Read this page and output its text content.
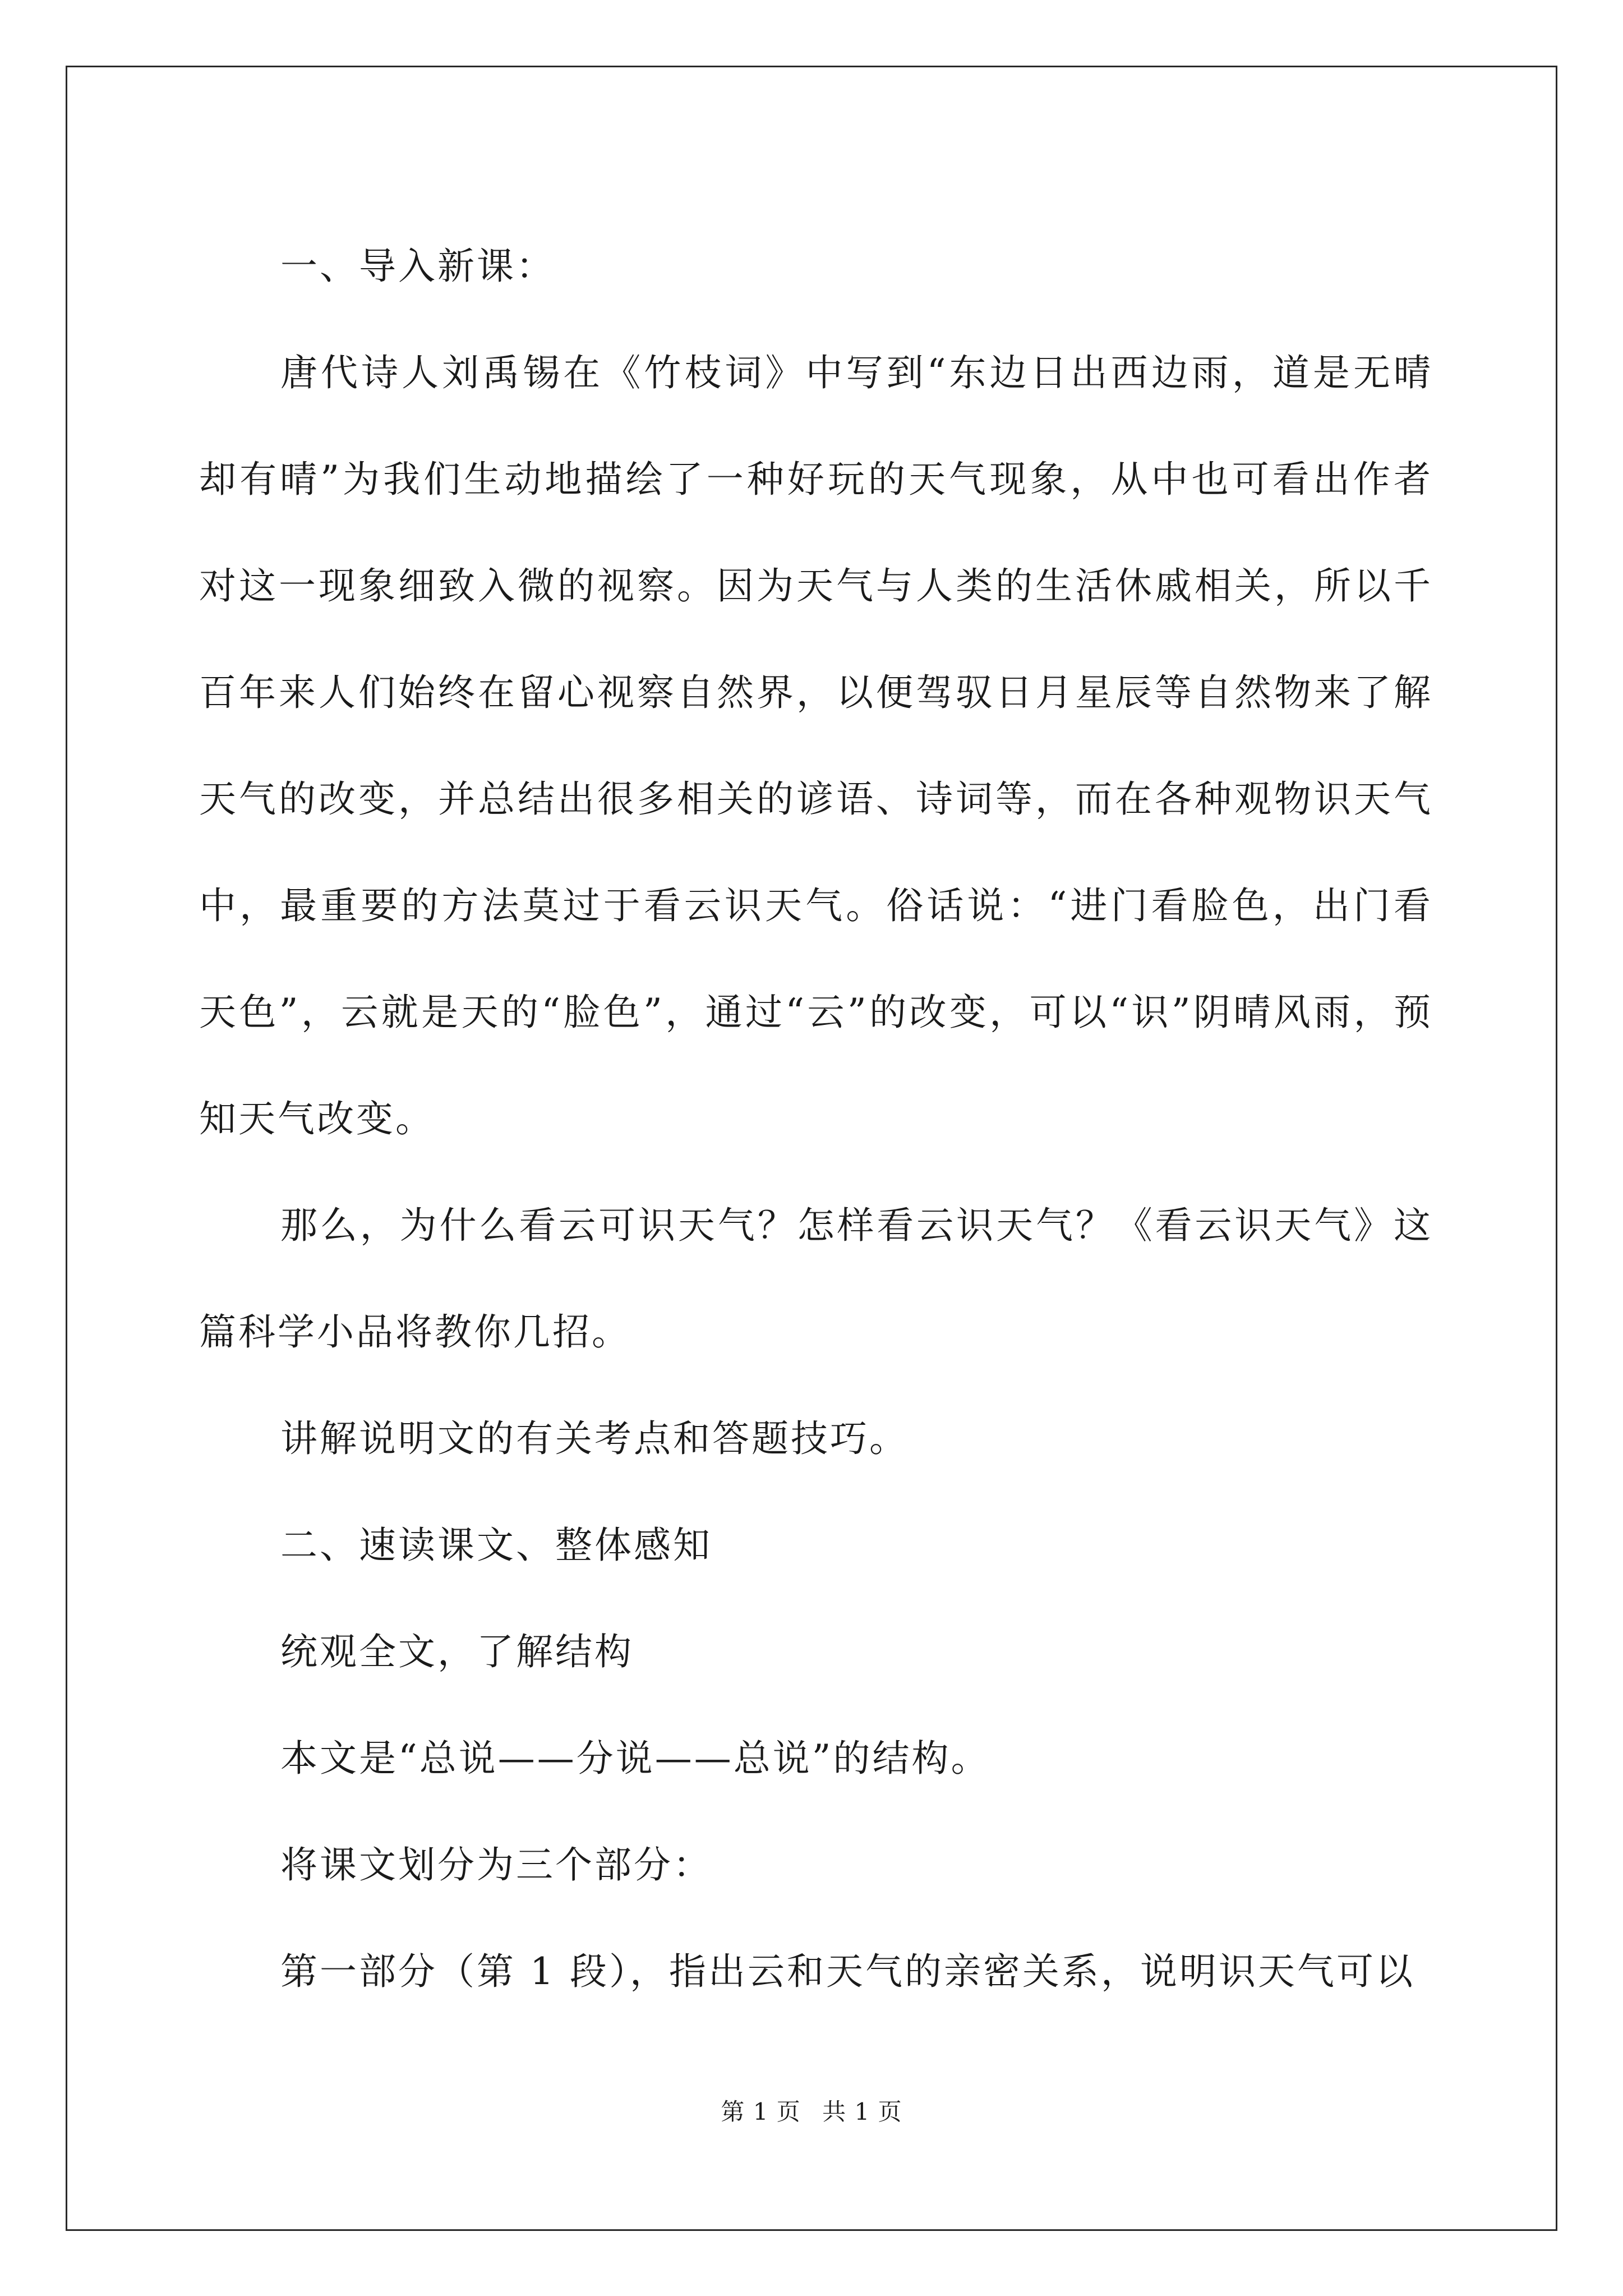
一、导入新课：

唐代诗人刘禹锡在《竹枝词》中写到“东边日出西边雨，道是无晴却有晴”为我们生动地描绘了一种好玩的天气现象，从中也可看出作者对这一现象细致入微的视察。因为天气与人类的生活休戚相关，所以千百年来人们始终在留心视察自然界，以便驾驭日月星辰等自然物来了解天气的改变，并总结出很多相关的谚语、诗词等，而在各种观物识天气中，最重要的方法莫过于看云识天气。俗话说：“进门看脸色，出门看天色”，云就是天的“脸色”，通过“云”的改变，可以“识”阴晴风雨，预知天气改变。

那么，为什么看云可识天气？怎样看云识天气？《看云识天气》这篇科学小品将教你几招。

讲解说明文的有关考点和答题技巧。

二、速读课文、整体感知

统观全文，了解结构

本文是“总说——分说——总说”的结构。

将课文划分为三个部分：

第一部分（第 1 段），指出云和天气的亲密关系，说明识天气可以

第 1 页 共 1 页
